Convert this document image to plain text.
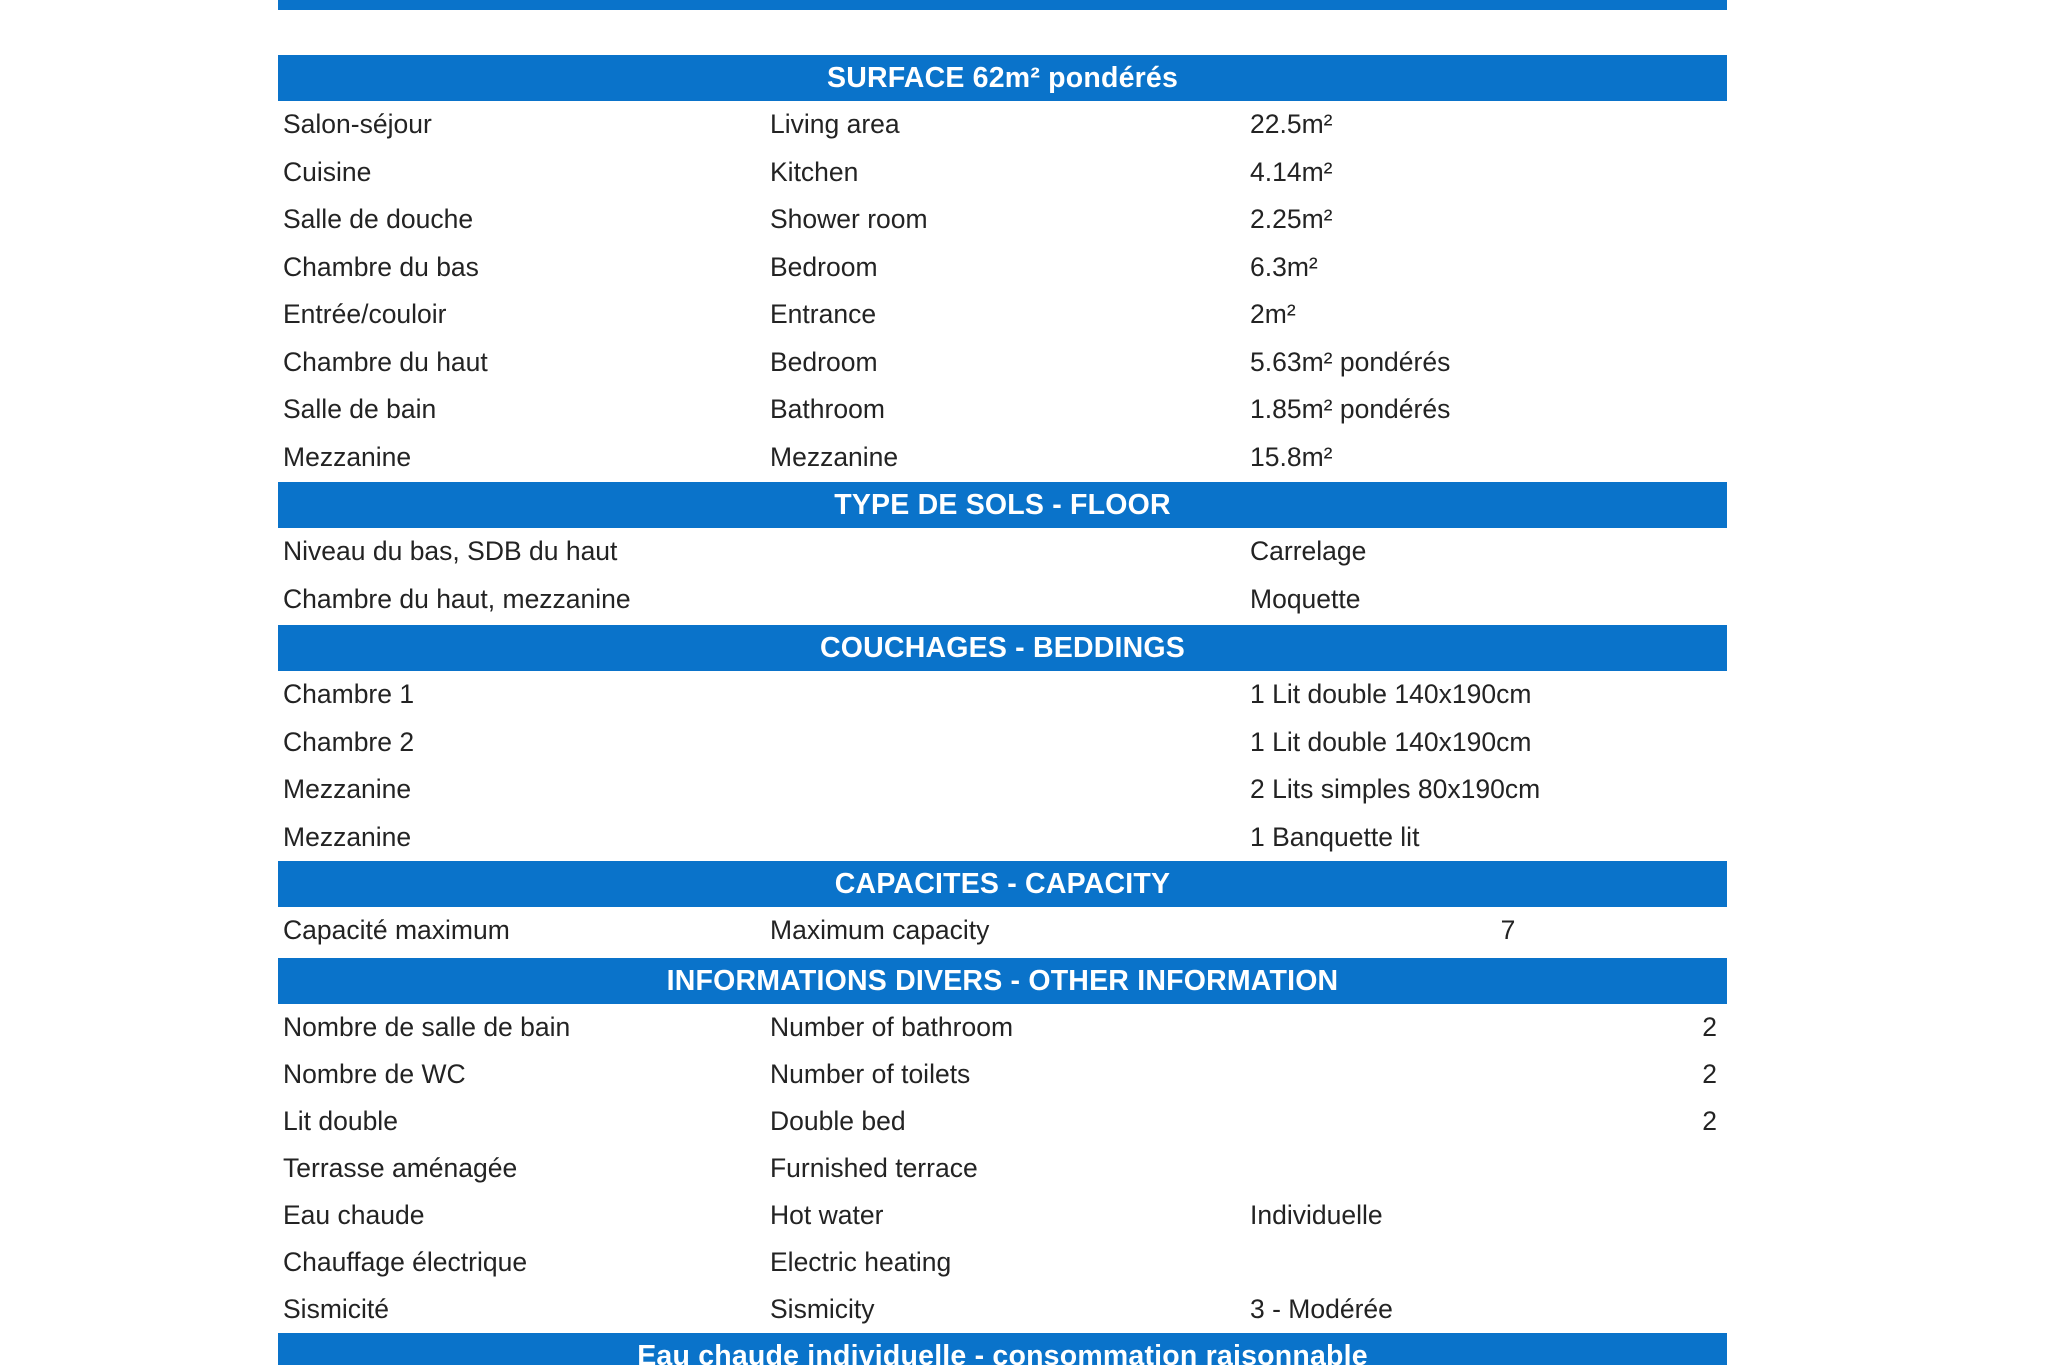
SURFACE 62m² pondérés
Salon-séjour	Living area	22.5m²
Cuisine	Kitchen	4.14m²
Salle de douche	Shower room	2.25m²
Chambre du bas	Bedroom	6.3m²
Entrée/couloir	Entrance	2m²
Chambre du haut	Bedroom	5.63m² pondérés
Salle de bain	Bathroom	1.85m² pondérés
Mezzanine	Mezzanine	15.8m²
TYPE DE SOLS - FLOOR
Niveau du bas, SDB du haut	Carrelage
Chambre du haut, mezzanine	Moquette
COUCHAGES - BEDDINGS
Chambre 1	1 Lit double 140x190cm
Chambre 2	1 Lit double 140x190cm
Mezzanine	2 Lits simples 80x190cm
Mezzanine	1 Banquette lit
CAPACITES - CAPACITY
Capacité maximum	Maximum capacity	7
INFORMATIONS DIVERS - OTHER INFORMATION
Nombre de salle de bain	Number of bathroom	2
Nombre de WC	Number of toilets	2
Lit double	Double bed	2
Terrasse aménagée	Furnished terrace
Eau chaude	Hot water	Individuelle
Chauffage électrique	Electric heating
Sismicité	Sismicity	3 - Modérée
Eau chaude individuelle - consommation raisonnable
